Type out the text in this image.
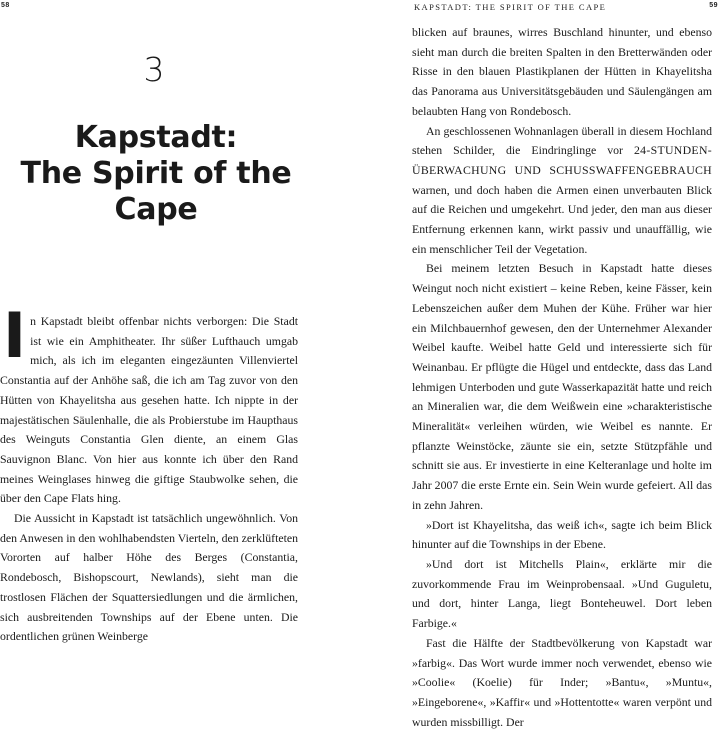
58
3
Kapstadt:
The Spirit of the
Cape

In Kapstadt bleibt offenbar nichts verborgen: Die Stadt ist wie ein Amphitheater. Ihr süßer Lufthauch umgab mich, als ich im eleganten eingezäunten Villenviertel Constantia auf der Anhöhe saß, die ich am Tag zuvor von den Hütten von Khayelitsha aus gesehen hatte. Ich nippte in der majestätischen Säulenhalle, die als Probierstube im Haupthaus des Weinguts Constantia Glen diente, an einem Glas Sauvignon Blanc. Von hier aus konnte ich über den Rand meines Weinglases hinweg die giftige Staubwolke sehen, die über den Cape Flats hing.

Die Aussicht in Kapstadt ist tatsächlich ungewöhnlich. Von den Anwesen in den wohlhabendsten Vierteln, den zerklüfteten Vororten auf halber Höhe des Berges (Constantia, Rondebosch, Bishopscourt, Newlands), sieht man die trostlosen Flächen der Squattersiedlungen und die ärmlichen, sich ausbreitenden Townships auf der Ebene unten. Die ordentlichen grünen Weinberge

KAPSTADT: THE SPIRIT OF THE CAPE	59

blicken auf braunes, wirres Buschland hinunter, und ebenso sieht man durch die breiten Spalten in den Bretterwänden oder Risse in den blauen Plastikplanen der Hütten in Khayelitsha das Panorama aus Universitätsgebäuden und Säulengängen am belaubten Hang von Rondebosch.

An geschlossenen Wohnanlagen überall in diesem Hochland stehen Schilder, die Eindringlinge vor 24-STUNDEN-ÜBERWACHUNG UND SCHUSSWAFFENGEBRAUCH warnen, und doch haben die Armen einen unverbauten Blick auf die Reichen und umgekehrt. Und jeder, den man aus dieser Entfernung erkennen kann, wirkt passiv und unauffällig, wie ein menschlicher Teil der Vegetation.

Bei meinem letzten Besuch in Kapstadt hatte dieses Weingut noch nicht existiert – keine Reben, keine Fässer, kein Lebenszeichen außer dem Muhen der Kühe. Früher war hier ein Milchbauernhof gewesen, den der Unternehmer Alexander Weibel kaufte. Weibel hatte Geld und interessierte sich für Weinanbau. Er pflügte die Hügel und entdeckte, dass das Land lehmigen Unterboden und gute Wasserkapazität hatte und reich an Mineralien war, die dem Weißwein eine »charakteristische Mineralität« verleihen würden, wie Weibel es nannte. Er pflanzte Weinstöcke, zäunte sie ein, setzte Stützpfähle und schnitt sie aus. Er investierte in eine Kelteranlage und holte im Jahr 2007 die erste Ernte ein. Sein Wein wurde gefeiert. All das in zehn Jahren.

»Dort ist Khayelitsha, das weiß ich«, sagte ich beim Blick hinunter auf die Townships in der Ebene.

»Und dort ist Mitchells Plain«, erklärte mir die zuvorkommende Frau im Weinprobensaal. »Und Guguletu, und dort, hinter Langa, liegt Bonteheuwel. Dort leben Farbige.«

Fast die Hälfte der Stadtbevölkerung von Kapstadt war »farbig«. Das Wort wurde immer noch verwendet, ebenso wie »Coolie« (Koelie) für Inder; »Bantu«, »Muntu«, »Eingeborene«, »Kaffir« und »Hottentotte« waren verpönt und wurden missbilligt. Der
